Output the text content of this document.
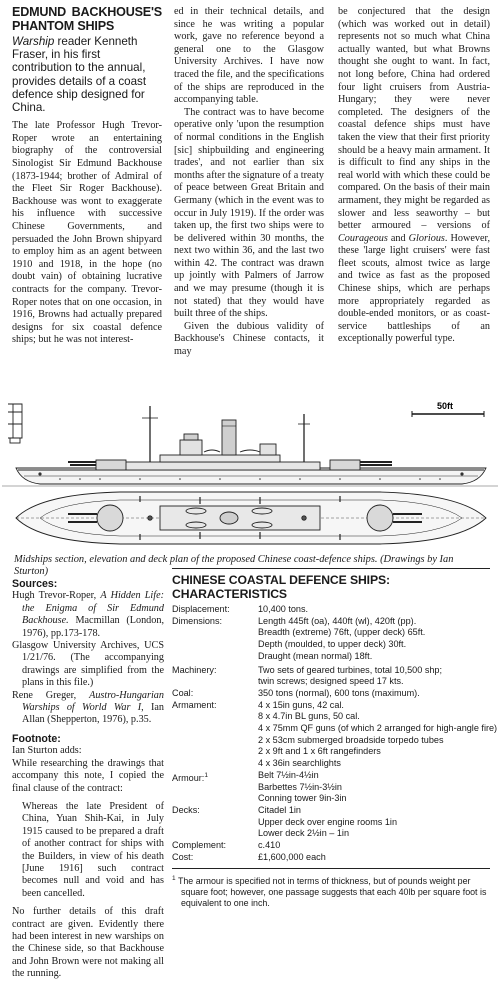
EDMUND BACKHOUSE'S PHANTOM SHIPS
Warship reader Kenneth Fraser, in his first contribution to the annual, provides details of a coast defence ship designed for China.

The late Professor Hugh Trevor-Roper wrote an entertaining biography of the controversial Sinologist Sir Edmund Backhouse (1873-1944; brother of Admiral of the Fleet Sir Roger Backhouse). Backhouse was wont to exaggerate his influence with successive Chinese Governments, and persuaded the John Brown shipyard to employ him as an agent between 1910 and 1918, in the hope (no doubt vain) of obtaining lucrative contracts for the company. Trevor-Roper notes that on one occasion, in 1916, Browns had actually prepared designs for six coastal defence ships; but he was not interest-

ed in their technical details, and since he was writing a popular work, gave no reference beyond a general one to the Glasgow University Archives. I have now traced the file, and the specifications of the ships are reproduced in the accompanying table.

The contract was to have become operative only 'upon the resumption of normal conditions in the English [sic] shipbuilding and engineering trades', and not earlier than six months after the signature of a treaty of peace between Great Britain and Germany (which in the event was to occur in July 1919). If the order was taken up, the first two ships were to be delivered within 30 months, the next two within 36, and the last two within 42. The contract was drawn up jointly with Palmers of Jarrow and we may presume (though it is not stated) that they would have built three of the ships.

Given the dubious validity of Backhouse's Chinese contacts, it may

be conjectured that the design (which was worked out in detail) represents not so much what China actually wanted, but what Browns thought she ought to want. In fact, not long before, China had ordered four light cruisers from Austria-Hungary; they were never completed. The designers of the coastal defence ships must have taken the view that their first priority should be a heavy main armament. It is difficult to find any ships in the real world with which these could be compared. On the basis of their main armament, they might be regarded as slower and less seaworthy – but better armoured – versions of Courageous and Glorious. However, these 'large light cruisers' were fast fleet scouts, almost twice as large and twice as fast as the proposed Chinese ships, which are perhaps more appropriately regarded as double-ended monitors, or as coast-service battleships of an exceptionally powerful type.

50ft
Midships section, elevation and deck plan of the proposed Chinese coast-defence ships. (Drawings by Ian Sturton)
Sources:
Hugh Trevor-Roper, A Hidden Life: the Enigma of Sir Edmund Backhouse. Macmillan (London, 1976), pp.173-178.
Glasgow University Archives, UCS 1/21/76. (The accompanying drawings are simplified from the plans in this file.)
Rene Greger, Austro-Hungarian Warships of World War I, Ian Allan (Shepperton, 1976), p.35.
Footnote:

Ian Sturton adds:

While researching the drawings that accompany this note, I copied the final clause of the contract:

Whereas the late President of China, Yuan Shih-Kai, in July 1915 caused to be prepared a draft of another contract for ships with the Builders, in view of his death [June 1916] such contract becomes null and void and has been cancelled.

No further details of this draft contract are given. Evidently there had been interest in new warships on the Chinese side, so that Backhouse and John Brown were not making all the running.

CHINESE COASTAL DEFENCE SHIPS: CHARACTERISTICS
Displacement:	10,400 tons.
Dimensions:	Length 445ft (oa), 440ft (wl), 420ft (pp).
Breadth (extreme) 76ft, (upper deck) 65ft.
Depth (moulded, to upper deck) 30ft.
Draught (mean normal) 18ft.
Machinery:	Two sets of geared turbines, total 10,500 shp;
twin screws; designed speed 17 kts.
Coal:	350 tons (normal), 600 tons (maximum).
Armament:	4 x 15in guns, 42 cal.
8 x 4.7in BL guns, 50 cal.
4 x 75mm QF guns (of which 2 arranged for high-angle fire)
2 x 53cm submerged broadside torpedo tubes
2 x 9ft and 1 x 6ft rangefinders
4 x 36in searchlights
Armour:$^1$	Belt 7½in-4½in
Barbettes 7½in-3½in
Conning tower 9in-3in
Decks:	Citadel 1in
Upper deck over engine rooms 1in
Lower deck 2½in – 1in
Complement:	c.410
Cost:	£1,600,000 each
$^1$ The armour is specified not in terms of thickness, but of pounds weight per square foot; however, one passage suggests that each 40lb per square foot is equivalent to one inch.
